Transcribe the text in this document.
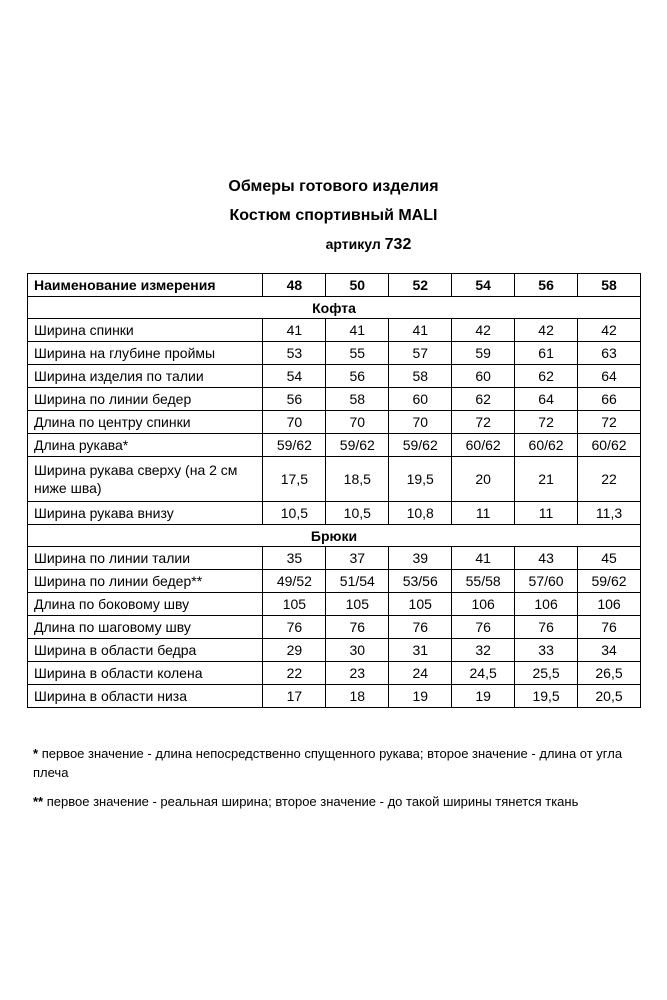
Обмеры готового изделия
Костюм спортивный MALI
артикул 732
Наименование измерения	48	50	52	54	56	58
Кофта						
Ширина спинки	41	41	41	42	42	42
Ширина на глубине проймы	53	55	57	59	61	63
Ширина изделия по талии	54	56	58	60	62	64
Ширина по линии бедер	56	58	60	62	64	66
Длина по центру спинки	70	70	70	72	72	72
Длина рукава*	59/62	59/62	59/62	60/62	60/62	60/62
Ширина рукава сверху (на 2 см ниже шва)	17,5	18,5	19,5	20	21	22
Ширина рукава внизу	10,5	10,5	10,8	11	11	11,3
Брюки						
Ширина по линии талии	35	37	39	41	43	45
Ширина по линии бедер**	49/52	51/54	53/56	55/58	57/60	59/62
Длина по боковому шву	105	105	105	106	106	106
Длина по шаговому шву	76	76	76	76	76	76
Ширина в области бедра	29	30	31	32	33	34
Ширина в области колена	22	23	24	24,5	25,5	26,5
Ширина в области низа	17	18	19	19	19,5	20,5
* первое значение - длина непосредственно спущенного рукава; второе значение - длина от угла плеча
** первое значение - реальная ширина; второе значение - до такой ширины тянется ткань
